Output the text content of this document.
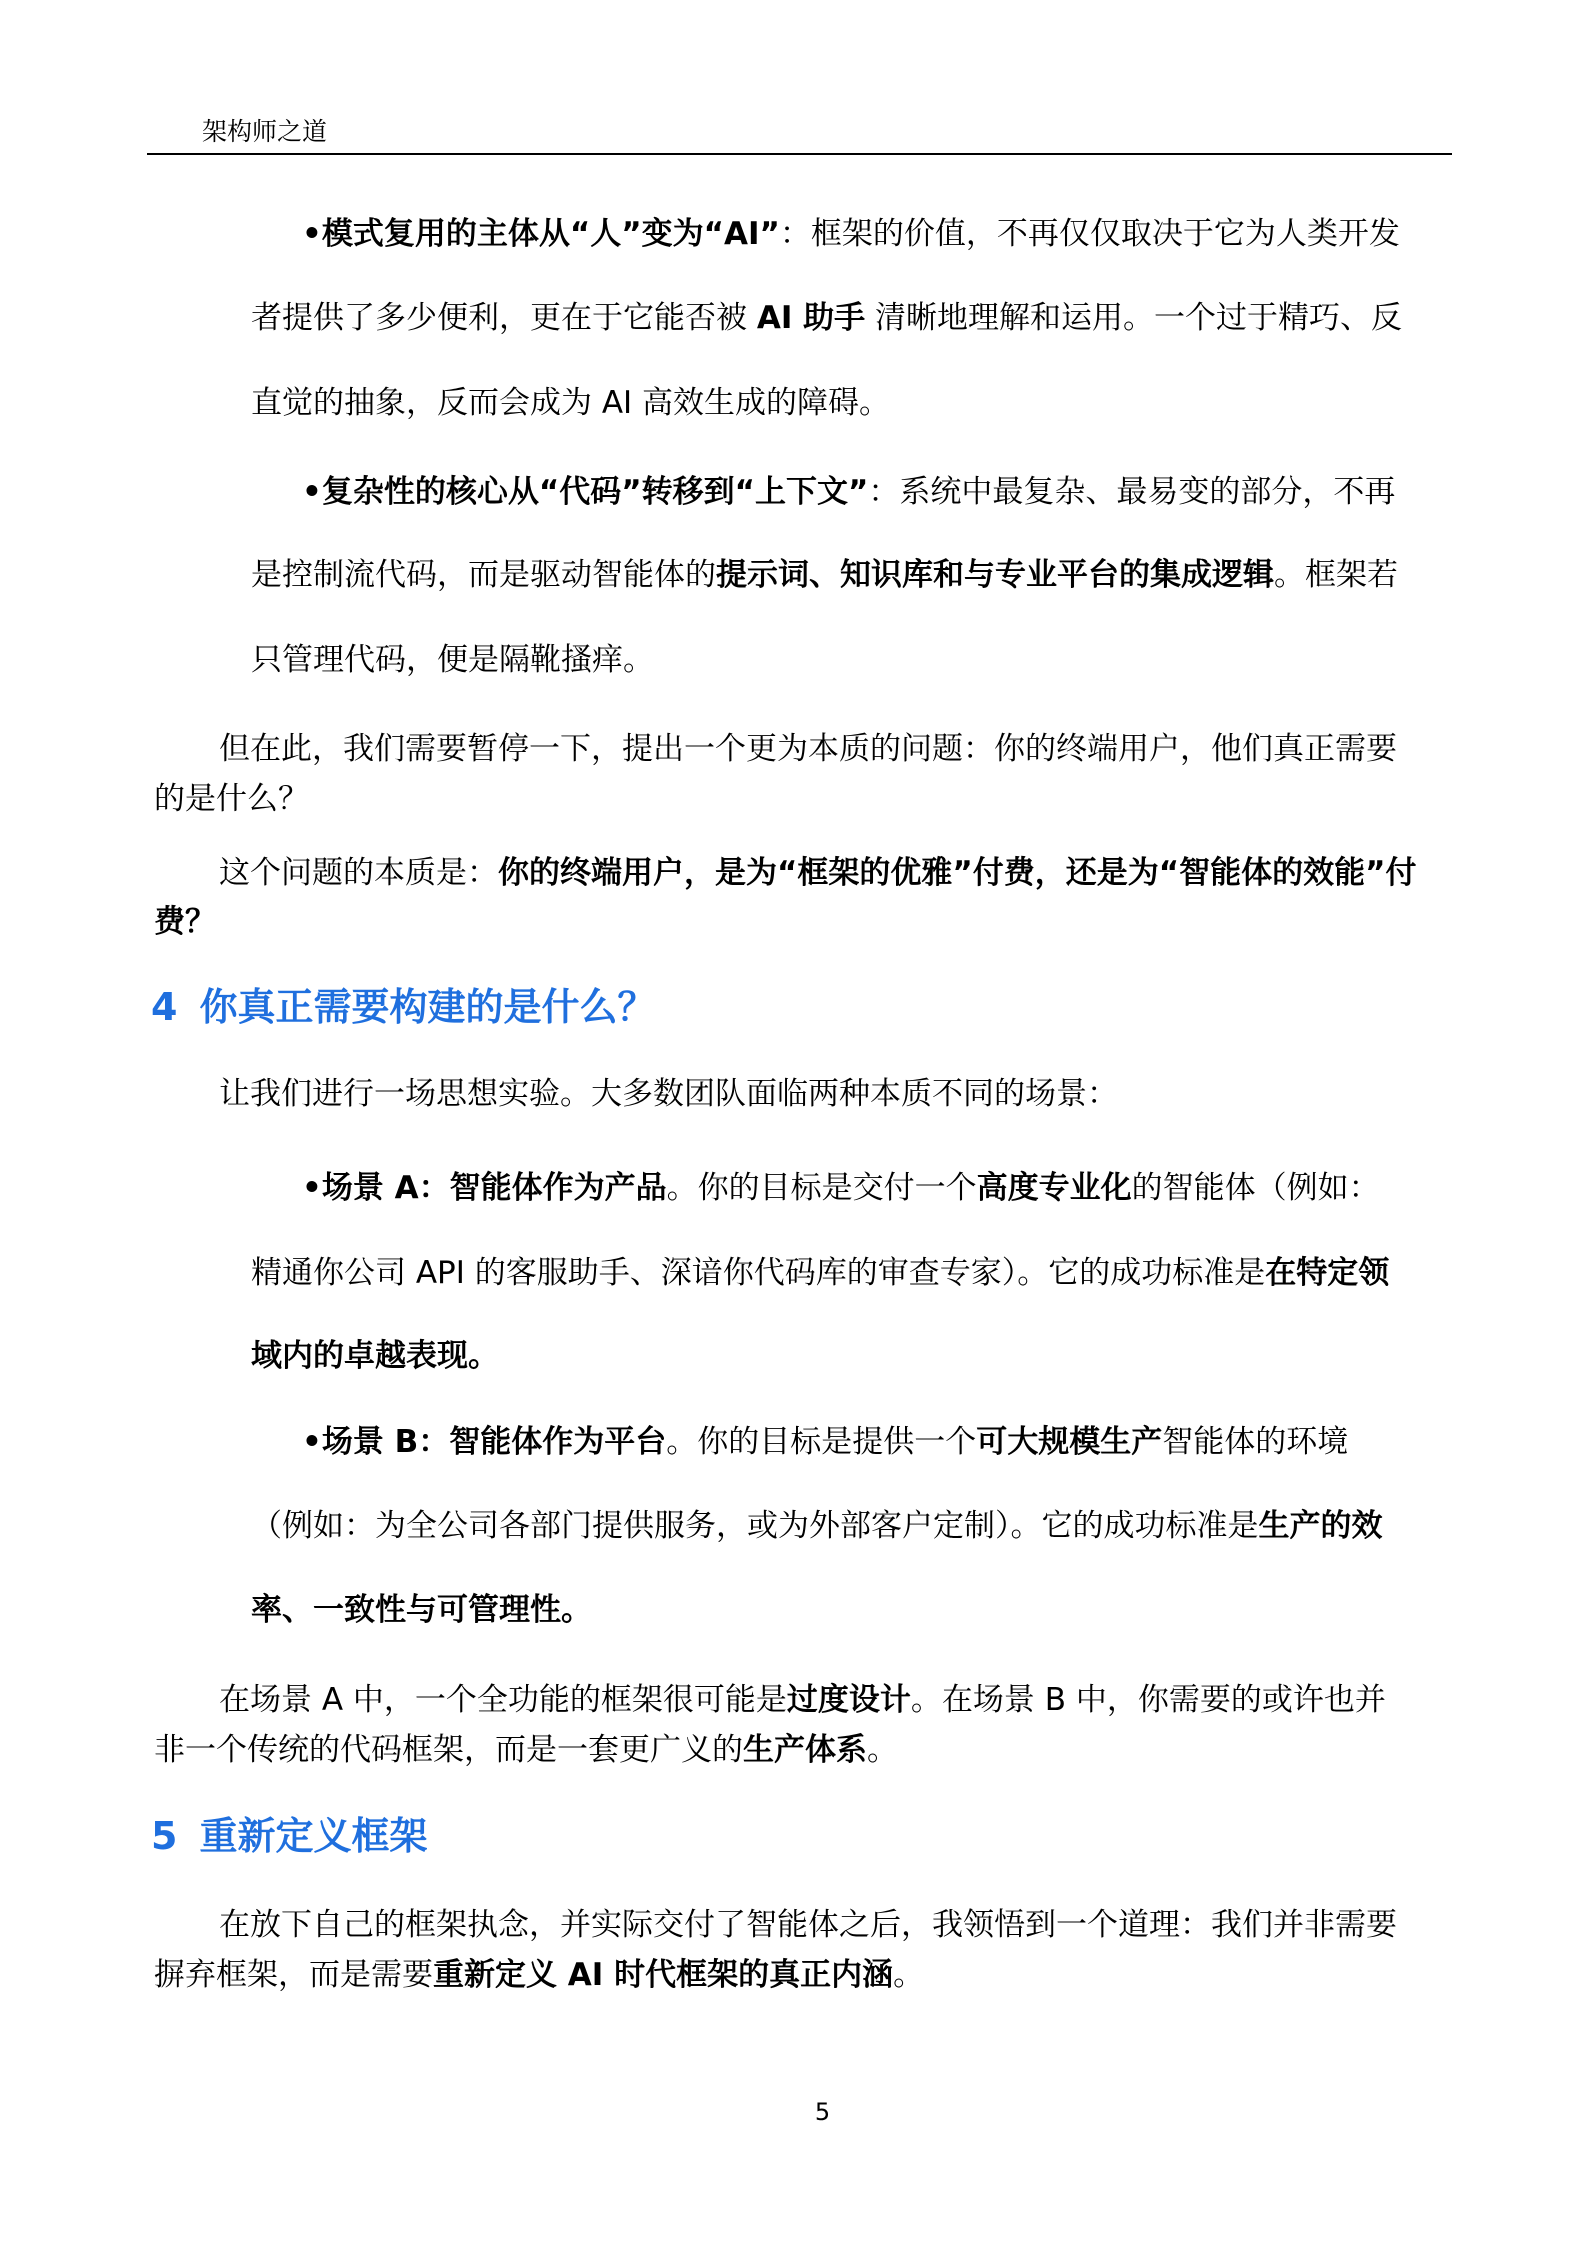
架构师之道
•模式复用的主体从“人”变为“AI”：框架的价值，不再仅仅取决于它为人类开发
者提供了多少便利，更在于它能否被 AI 助手 清晰地理解和运用。一个过于精巧、反
直觉的抽象，反而会成为 AI 高效生成的障碍。
•复杂性的核心从“代码”转移到“上下文”：系统中最复杂、最易变的部分，不再
是控制流代码，而是驱动智能体的提示词、知识库和与专业平台的集成逻辑。框架若
只管理代码，便是隔靴搔痒。
但在此，我们需要暂停一下，提出一个更为本质的问题：你的终端用户，他们真正需要
的是什么？
这个问题的本质是：你的终端用户，是为“框架的优雅”付费，还是为“智能体的效能”付
费？
4 你真正需要构建的是什么？
让我们进行一场思想实验。大多数团队面临两种本质不同的场景：
•场景 A：智能体作为产品。你的目标是交付一个高度专业化的智能体（例如：
精通你公司 API 的客服助手、深谙你代码库的审查专家）。它的成功标准是在特定领
域内的卓越表现。
•场景 B：智能体作为平台。你的目标是提供一个可大规模生产智能体的环境
（例如：为全公司各部门提供服务，或为外部客户定制）。它的成功标准是生产的效
率、一致性与可管理性。
在场景 A 中，一个全功能的框架很可能是过度设计。在场景 B 中，你需要的或许也并
非一个传统的代码框架，而是一套更广义的生产体系。
5 重新定义框架
在放下自己的框架执念，并实际交付了智能体之后，我领悟到一个道理：我们并非需要
摒弃框架，而是需要重新定义 AI 时代框架的真正内涵。
5
